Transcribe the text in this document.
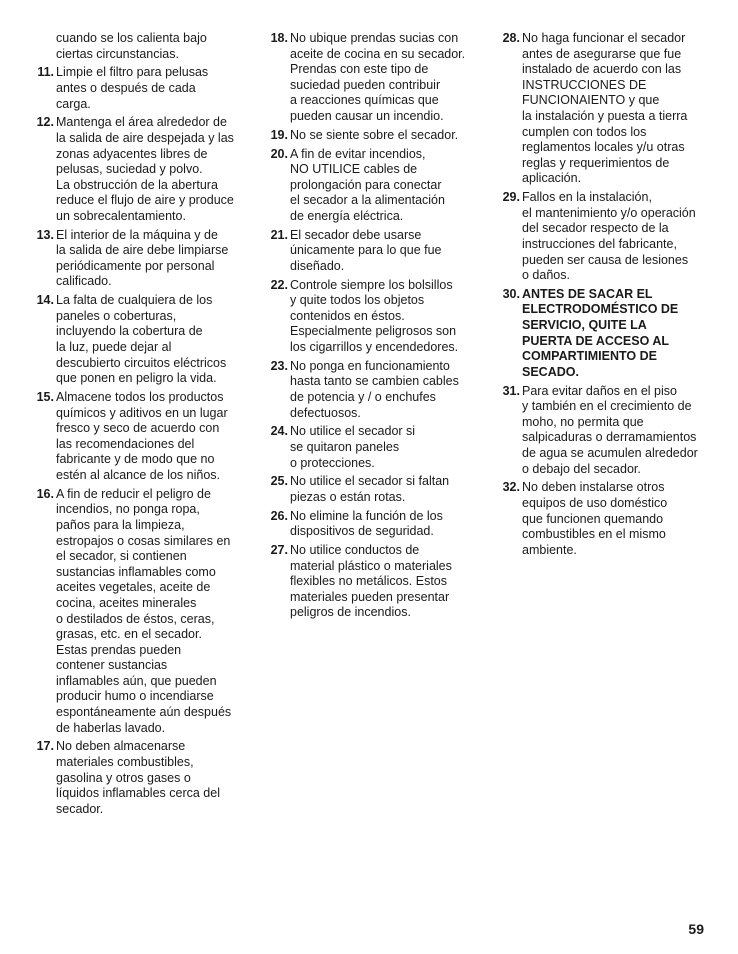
cuando se los calienta bajo
ciertas circunstancias.
11. Limpie el filtro para pelusas
antes o después de cada
carga.
12. Mantenga el área alrededor de
la salida de aire despejada y las
zonas adyacentes libres de
pelusas, suciedad y polvo.
La obstrucción de la abertura
reduce el flujo de aire y produce
un sobrecalentamiento.
13. El interior de la máquina y de
la salida de aire debe limpiarse
periódicamente por personal
calificado.
14. La falta de cualquiera de los
paneles o coberturas,
incluyendo la cobertura de
la luz, puede dejar al
descubierto circuitos eléctricos
que ponen en peligro la vida.
15. Almacene todos los productos
químicos y aditivos en un lugar
fresco y seco de acuerdo con
las recomendaciones del
fabricante y de modo que no
estén al alcance de los niños.
16. A fin de reducir el peligro de
incendios, no ponga ropa,
paños para la limpieza,
estropajos o cosas similares en
el secador, si contienen
sustancias inflamables como
aceites vegetales, aceite de
cocina, aceites minerales
o destilados de éstos, ceras,
grasas, etc. en el secador.
Estas prendas pueden
contener sustancias
inflamables aún, que pueden
producir humo o incendiarse
espontáneamente aún después
de haberlas lavado.
17. No deben almacenarse
materiales combustibles,
gasolina y otros gases o
líquidos inflamables cerca del
secador.
18. No ubique prendas sucias con
aceite de cocina en su secador.
Prendas con este tipo de
suciedad pueden contribuir
a reacciones químicas que
pueden causar un incendio.
19. No se siente sobre el secador.
20. A fin de evitar incendios,
NO UTILICE cables de
prolongación para conectar
el secador a la alimentación
de energía eléctrica.
21. El secador debe usarse
únicamente para lo que fue
diseñado.
22. Controle siempre los bolsillos
y quite todos los objetos
contenidos en éstos.
Especialmente peligrosos son
los cigarrillos y encendedores.
23. No ponga en funcionamiento
hasta tanto se cambien cables
de potencia y / o enchufes
defectuosos.
24. No utilice el secador si
se quitaron paneles
o protecciones.
25. No utilice el secador si faltan
piezas o están rotas.
26. No elimine la función de los
dispositivos de seguridad.
27. No utilice conductos de
material plástico o materiales
flexibles no metálicos. Estos
materiales pueden presentar
peligros de incendios.
28. No haga funcionar el secador
antes de asegurarse que fue
instalado de acuerdo con las
INSTRUCCIONES DE
FUNCIONAIENTO y que
la instalación y puesta a tierra
cumplen con todos los
reglamentos locales y/u otras
reglas y requerimientos de
aplicación.
29. Fallos en la instalación,
el mantenimiento y/o operación
del secador respecto de la
instrucciones del fabricante,
pueden ser causa de lesiones
o daños.
30. ANTES DE SACAR EL
ELECTRODOMÉSTICO DE
SERVICIO, QUITE LA
PUERTA DE ACCESO AL
COMPARTIMIENTO DE
SECADO.
31. Para evitar daños en el piso
y también en el crecimiento de
moho, no permita que
salpicaduras o derramamientos
de agua se acumulen alrededor
o debajo del secador.
32. No deben instalarse otros
equipos de uso doméstico
que funcionen quemando
combustibles en el mismo
ambiente.
59
